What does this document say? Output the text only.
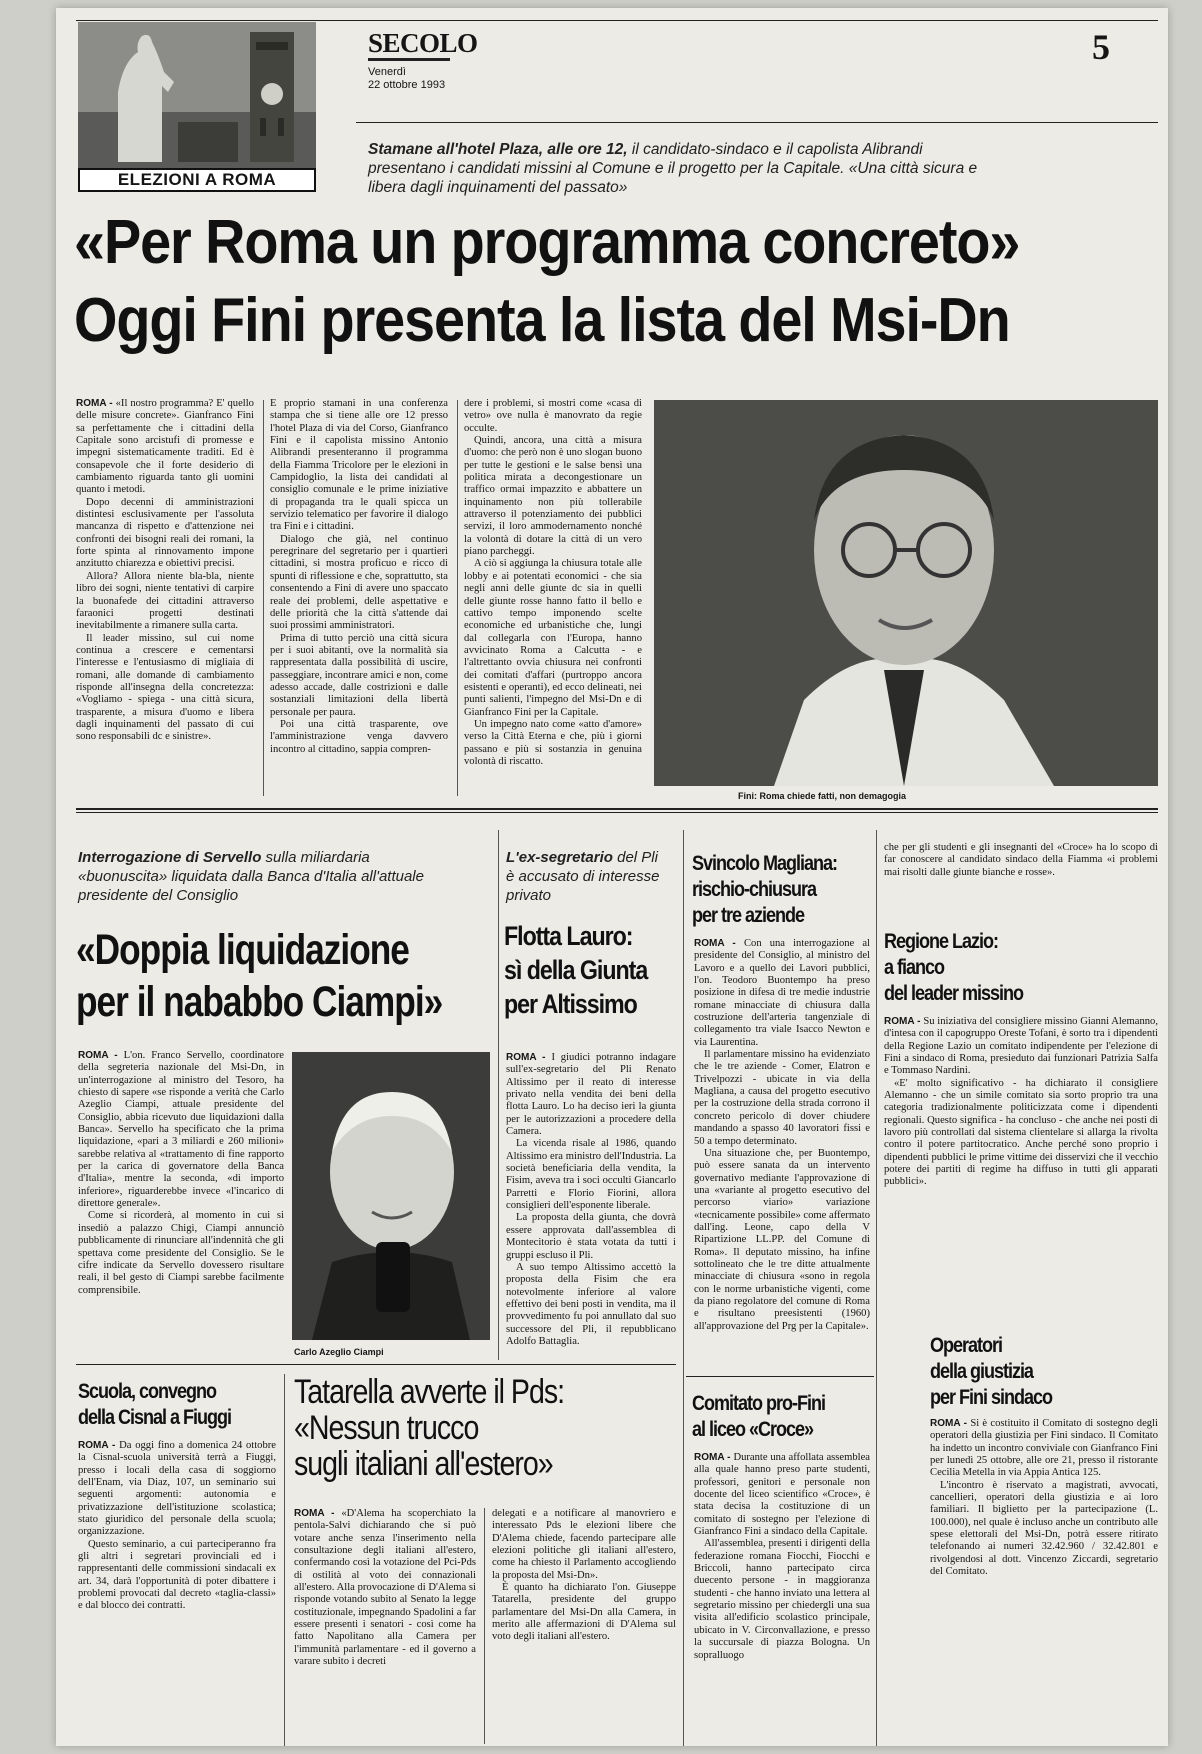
ELEZIONI A ROMA
SECOLO
Venerdì
22 ottobre 1993
5
Stamane all'hotel Plaza, alle ore 12, il candidato-sindaco e il capolista Alibrandi presentano i candidati missini al Comune e il progetto per la Capitale. «Una città sicura e libera dagli inquinamenti del passato»
«Per Roma un programma concreto»
Oggi Fini presenta la lista del Msi-Dn

ROMA - «Il nostro programma? E' quello delle misure concrete». Gianfranco Fini sa perfettamente che i cittadini della Capitale sono arcistufi di promesse e impegni sistematicamente traditi. Ed è consapevole che il forte desiderio di cambiamento riguarda tanto gli uomini quanto i metodi.

Dopo decenni di amministrazioni distintesi esclusivamente per l'assoluta mancanza di rispetto e d'attenzione nei confronti dei bisogni reali dei romani, la forte spinta al rinnovamento impone anzitutto chiarezza e obiettivi precisi.

Allora? Allora niente bla-bla, niente libro dei sogni, niente tentativi di carpire la buonafede dei cittadini attraverso faraonici progetti destinati inevitabilmente a rimanere sulla carta.

Il leader missino, sul cui nome continua a crescere e cementarsi l'interesse e l'entusiasmo di migliaia di romani, alle domande di cambiamento risponde all'insegna della concretezza: «Vogliamo - spiega - una città sicura, trasparente, a misura d'uomo e libera dagli inquinamenti del passato di cui sono responsabili dc e sinistre».

E proprio stamani in una conferenza stampa che si tiene alle ore 12 presso l'hotel Plaza di via del Corso, Gianfranco Fini e il capolista missino Antonio Alibrandi presenteranno il programma della Fiamma Tricolore per le elezioni in Campidoglio, la lista dei candidati al consiglio comunale e le prime iniziative di propaganda tra le quali spicca un servizio telematico per favorire il dialogo tra Fini e i cittadini.

Dialogo che già, nel continuo peregrinare del segretario per i quartieri cittadini, si mostra proficuo e ricco di spunti di riflessione e che, soprattutto, sta consentendo a Fini di avere uno spaccato reale dei problemi, delle aspettative e delle priorità che la città s'attende dai suoi prossimi amministratori.

Prima di tutto perciò una città sicura per i suoi abitanti, ove la normalità sia rappresentata dalla possibilità di uscire, passeggiare, incontrare amici e non, come adesso accade, dalle costrizioni e dalle sostanziali limitazioni della libertà personale per paura.

Poi una città trasparente, ove l'amministrazione venga davvero incontro al cittadino, sappia compren-

dere i problemi, si mostri come «casa di vetro» ove nulla è manovrato da regie occulte.

Quindi, ancora, una città a misura d'uomo: che però non è uno slogan buono per tutte le gestioni e le salse bensì una politica mirata a decongestionare un traffico ormai impazzito e abbattere un inquinamento non più tollerabile attraverso il potenziamento dei pubblici servizi, il loro ammodernamento nonché la volontà di dotare la città di un vero piano parcheggi.

A ciò si aggiunga la chiusura totale alle lobby e ai potentati economici - che sia negli anni delle giunte dc sia in quelli delle giunte rosse hanno fatto il bello e cattivo tempo imponendo scelte economiche ed urbanistiche che, lungi dal collegarla con l'Europa, hanno avvicinato Roma a Calcutta - e l'altrettanto ovvia chiusura nei confronti dei comitati d'affari (purtroppo ancora esistenti e operanti), ed ecco delineati, nei punti salienti, l'impegno del Msi-Dn e di Gianfranco Fini per la Capitale.

Un impegno nato come «atto d'amore» verso la Città Eterna e che, più i giorni passano e più si sostanzia in genuina volontà di riscatto.

Fini: Roma chiede fatti, non demagogia
Interrogazione di Servello sulla miliardaria «buonuscita» liquidata dalla Banca d'Italia all'attuale presidente del Consiglio
«Doppia liquidazione
per il nababbo Ciampi»

ROMA - L'on. Franco Servello, coordinatore della segreteria nazionale del Msi-Dn, in un'interrogazione al ministro del Tesoro, ha chiesto di sapere «se risponde a verità che Carlo Azeglio Ciampi, attuale presidente del Consiglio, abbia ricevuto due liquidazioni dalla Banca». Servello ha specificato che la prima liquidazione, «pari a 3 miliardi e 260 milioni» sarebbe relativa al «trattamento di fine rapporto per la carica di governatore della Banca d'Italia», mentre la seconda, «di importo inferiore», riguarderebbe invece «l'incarico di direttore generale».

Come si ricorderà, al momento in cui si insediò a palazzo Chigi, Ciampi annunciò pubblicamente di rinunciare all'indennità che gli spettava come presidente del Consiglio. Se le cifre indicate da Servello dovessero risultare reali, il bel gesto di Ciampi sarebbe facilmente comprensibile.

Carlo Azeglio Ciampi
L'ex-segretario del Pli è accusato di interesse privato
Flotta Lauro:
sì della Giunta
per Altissimo

ROMA - I giudici potranno indagare sull'ex-segretario del Pli Renato Altissimo per il reato di interesse privato nella vendita dei beni della flotta Lauro. Lo ha deciso ieri la giunta per le autorizzazioni a procedere della Camera.

La vicenda risale al 1986, quando Altissimo era ministro dell'Industria. La società beneficiaria della vendita, la Fisim, aveva tra i soci occulti Giancarlo Parretti e Florio Fiorini, allora consiglieri dell'esponente liberale.

La proposta della giunta, che dovrà essere approvata dall'assemblea di Montecitorio è stata votata da tutti i gruppi escluso il Pli.

A suo tempo Altissimo accettò la proposta della Fisim che era notevolmente inferiore al valore effettivo dei beni posti in vendita, ma il provvedimento fu poi annullato dal suo successore del Pli, il repubblicano Adolfo Battaglia.

Svincolo Magliana:
rischio-chiusura
per tre aziende

ROMA - Con una interrogazione al presidente del Consiglio, al ministro del Lavoro e a quello dei Lavori pubblici, l'on. Teodoro Buontempo ha preso posizione in difesa di tre medie industrie romane minacciate di chiusura dalla costruzione dell'arteria tangenziale di collegamento tra viale Isacco Newton e via Laurentina.

Il parlamentare missino ha evidenziato che le tre aziende - Comer, Elatron e Trivelpozzi - ubicate in via della Magliana, a causa del progetto esecutivo per la costruzione della strada corrono il concreto pericolo di dover chiudere mandando a spasso 40 lavoratori fissi e 50 a tempo determinato.

Una situazione che, per Buontempo, può essere sanata da un intervento governativo mediante l'approvazione di una «variante al progetto esecutivo del percorso viario» variazione «tecnicamente possibile» come affermato dall'ing. Leone, capo della V Ripartizione LL.PP. del Comune di Roma». Il deputato missino, ha infine sottolineato che le tre ditte attualmente minacciate di chiusura «sono in regola con le norme urbanistiche vigenti, come da piano regolatore del comune di Roma e risultano preesistenti (1960) all'approvazione del Prg per la Capitale».

che per gli studenti e gli insegnanti del «Croce» ha lo scopo di far conoscere al candidato sindaco della Fiamma «i problemi mai risolti dalle giunte bianche e rosse».

Regione Lazio:
a fianco
del leader missino

ROMA - Su iniziativa del consigliere missino Gianni Alemanno, d'intesa con il capogruppo Oreste Tofani, è sorto tra i dipendenti della Regione Lazio un comitato indipendente per l'elezione di Fini a sindaco di Roma, presieduto dai funzionari Patrizia Salfa e Tommaso Nardini.

«E' molto significativo - ha dichiarato il consigliere Alemanno - che un simile comitato sia sorto proprio tra una categoria tradizionalmente politicizzata come i dipendenti regionali. Questo significa - ha concluso - che anche nei posti di lavoro più controllati dal sistema clientelare si allarga la rivolta contro il potere partitocratico. Anche perché sono proprio i dipendenti pubblici le prime vittime dei disservizi che il vecchio potere dei partiti di regime ha diffuso in tutti gli apparati pubblici».

Operatori
della giustizia
per Fini sindaco

ROMA - Si è costituito il Comitato di sostegno degli operatori della giustizia per Fini sindaco. Il Comitato ha indetto un incontro conviviale con Gianfranco Fini per lunedì 25 ottobre, alle ore 21, presso il ristorante Cecilia Metella in via Appia Antica 125.

L'incontro è riservato a magistrati, avvocati, cancellieri, operatori della giustizia e ai loro familiari. Il biglietto per la partecipazione (L. 100.000), nel quale è incluso anche un contributo alle spese elettorali del Msi-Dn, potrà essere ritirato telefonando ai numeri 32.42.960 / 32.42.801 e rivolgendosi al dott. Vincenzo Ziccardi, segretario del Comitato.

Scuola, convegno
della Cisnal a Fiuggi

ROMA - Da oggi fino a domenica 24 ottobre la Cisnal-scuola università terrà a Fiuggi, presso i locali della casa di soggiorno dell'Enam, via Diaz, 107, un seminario sui seguenti argomenti: autonomia e privatizzazione dell'istituzione scolastica; stato giuridico del personale della scuola; organizzazione.

Questo seminario, a cui parteciperanno fra gli altri i segretari provinciali ed i rappresentanti delle commissioni sindacali ex art. 34, darà l'opportunità di poter dibattere i problemi provocati dal decreto «taglia-classi» e dal blocco dei contratti.

Tatarella avverte il Pds:
«Nessun trucco
sugli italiani all'estero»

ROMA - «D'Alema ha scoperchiato la pentola-Salvi dichiarando che si può votare anche senza l'inserimento nella consultazione degli italiani all'estero, confermando così la votazione del Pci-Pds di ostilità al voto dei connazionali all'estero. Alla provocazione di D'Alema si risponde votando subito al Senato la legge costituzionale, impegnando Spadolini a far essere presenti i senatori - così come ha fatto Napolitano alla Camera per l'immunità parlamentare - ed il governo a varare subito i decreti

delegati e a notificare al manovriero e interessato Pds le elezioni libere che D'Alema chiede, facendo partecipare alle elezioni politiche gli italiani all'estero, come ha chiesto il Parlamento accogliendo la proposta del Msi-Dn».

È quanto ha dichiarato l'on. Giuseppe Tatarella, presidente del gruppo parlamentare del Msi-Dn alla Camera, in merito alle affermazioni di D'Alema sul voto degli italiani all'estero.

Comitato pro-Fini
al liceo «Croce»

ROMA - Durante una affollata assemblea alla quale hanno preso parte studenti, professori, genitori e personale non docente del liceo scientifico «Croce», è stata decisa la costituzione di un comitato di sostegno per l'elezione di Gianfranco Fini a sindaco della Capitale.

All'assemblea, presenti i dirigenti della federazione romana Fiocchi, Fiocchi e Briccoli, hanno partecipato circa duecento persone - in maggioranza studenti - che hanno inviato una lettera al segretario missino per chiedergli una sua visita all'edificio scolastico principale, ubicato in V. Circonvallazione, e presso la succursale di piazza Bologna. Un sopralluogo
